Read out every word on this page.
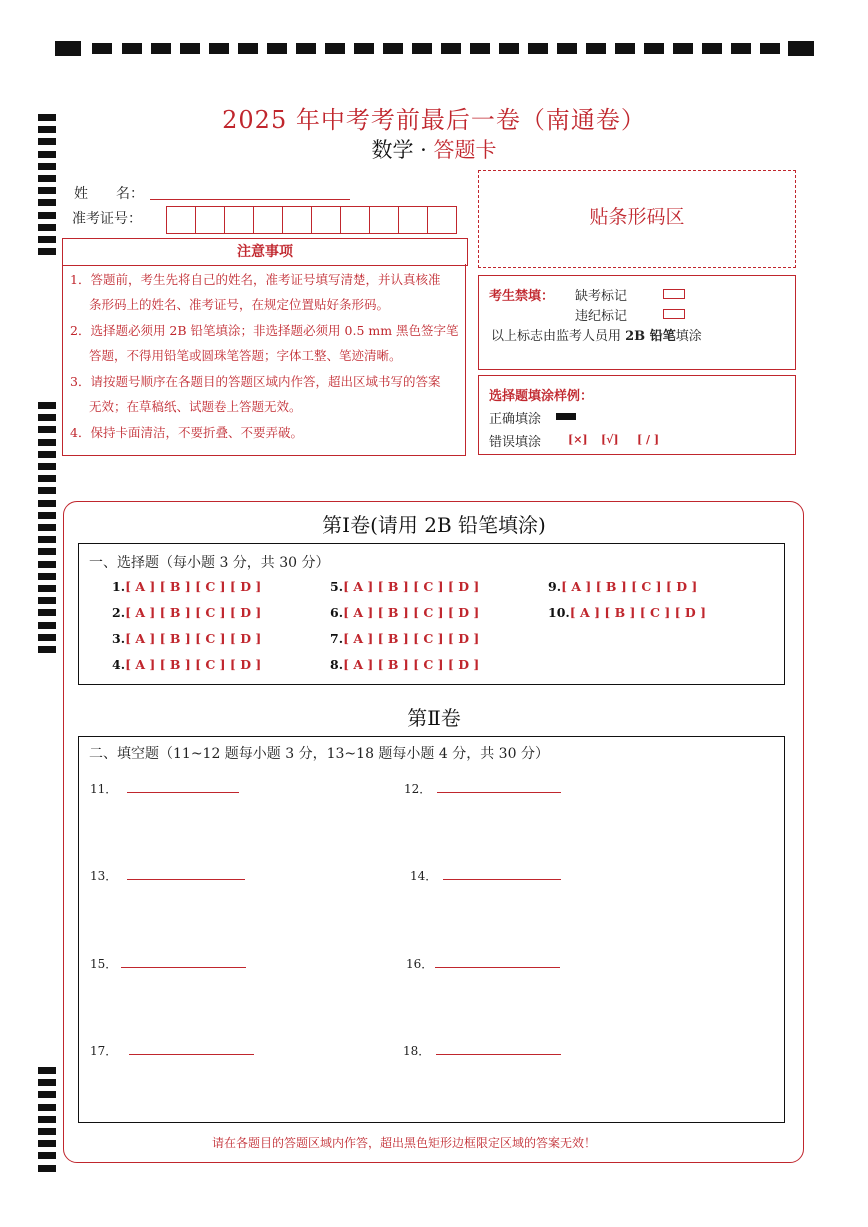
2025 年中考考前最后一卷（南通卷）
数学 · 答题卡
姓　　名：
准考证号：
注意事项
1．答题前，考生先将自己的姓名，准考证号填写清楚，并认真核准
条形码上的姓名、准考证号，在规定位置贴好条形码。
2．选择题必须用 2B 铅笔填涂；非选择题必须用 0.5 mm 黑色签字笔
答题，不得用铅笔或圆珠笔答题；字体工整、笔迹清晰。
3．请按题号顺序在各题目的答题区域内作答，超出区域书写的答案
无效；在草稿纸、试题卷上答题无效。
4．保持卡面清洁，不要折叠、不要弄破。
贴条形码区
考生禁填： 缺考标记
违纪标记
以上标志由监考人员用 2B 铅笔填涂
选择题填涂样例：
正确填涂
错误填涂 [×] [√] [ / ]
第Ⅰ卷(请用 2B 铅笔填涂)
一、选择题（每小题 3 分，共 30 分）
1.[ A ] [ B ] [ C ] [ D ]
2.[ A ] [ B ] [ C ] [ D ]
3.[ A ] [ B ] [ C ] [ D ]
4.[ A ] [ B ] [ C ] [ D ]
5.[ A ] [ B ] [ C ] [ D ]
6.[ A ] [ B ] [ C ] [ D ]
7.[ A ] [ B ] [ C ] [ D ]
8.[ A ] [ B ] [ C ] [ D ]
9.[ A ] [ B ] [ C ] [ D ]
10.[ A ] [ B ] [ C ] [ D ]
第Ⅱ卷
二、填空题（11~12 题每小题 3 分，13~18 题每小题 4 分，共 30 分）
11．	12．
13．	14．
15．	16．
17．	18．
请在各题目的答题区域内作答，超出黑色矩形边框限定区域的答案无效！
